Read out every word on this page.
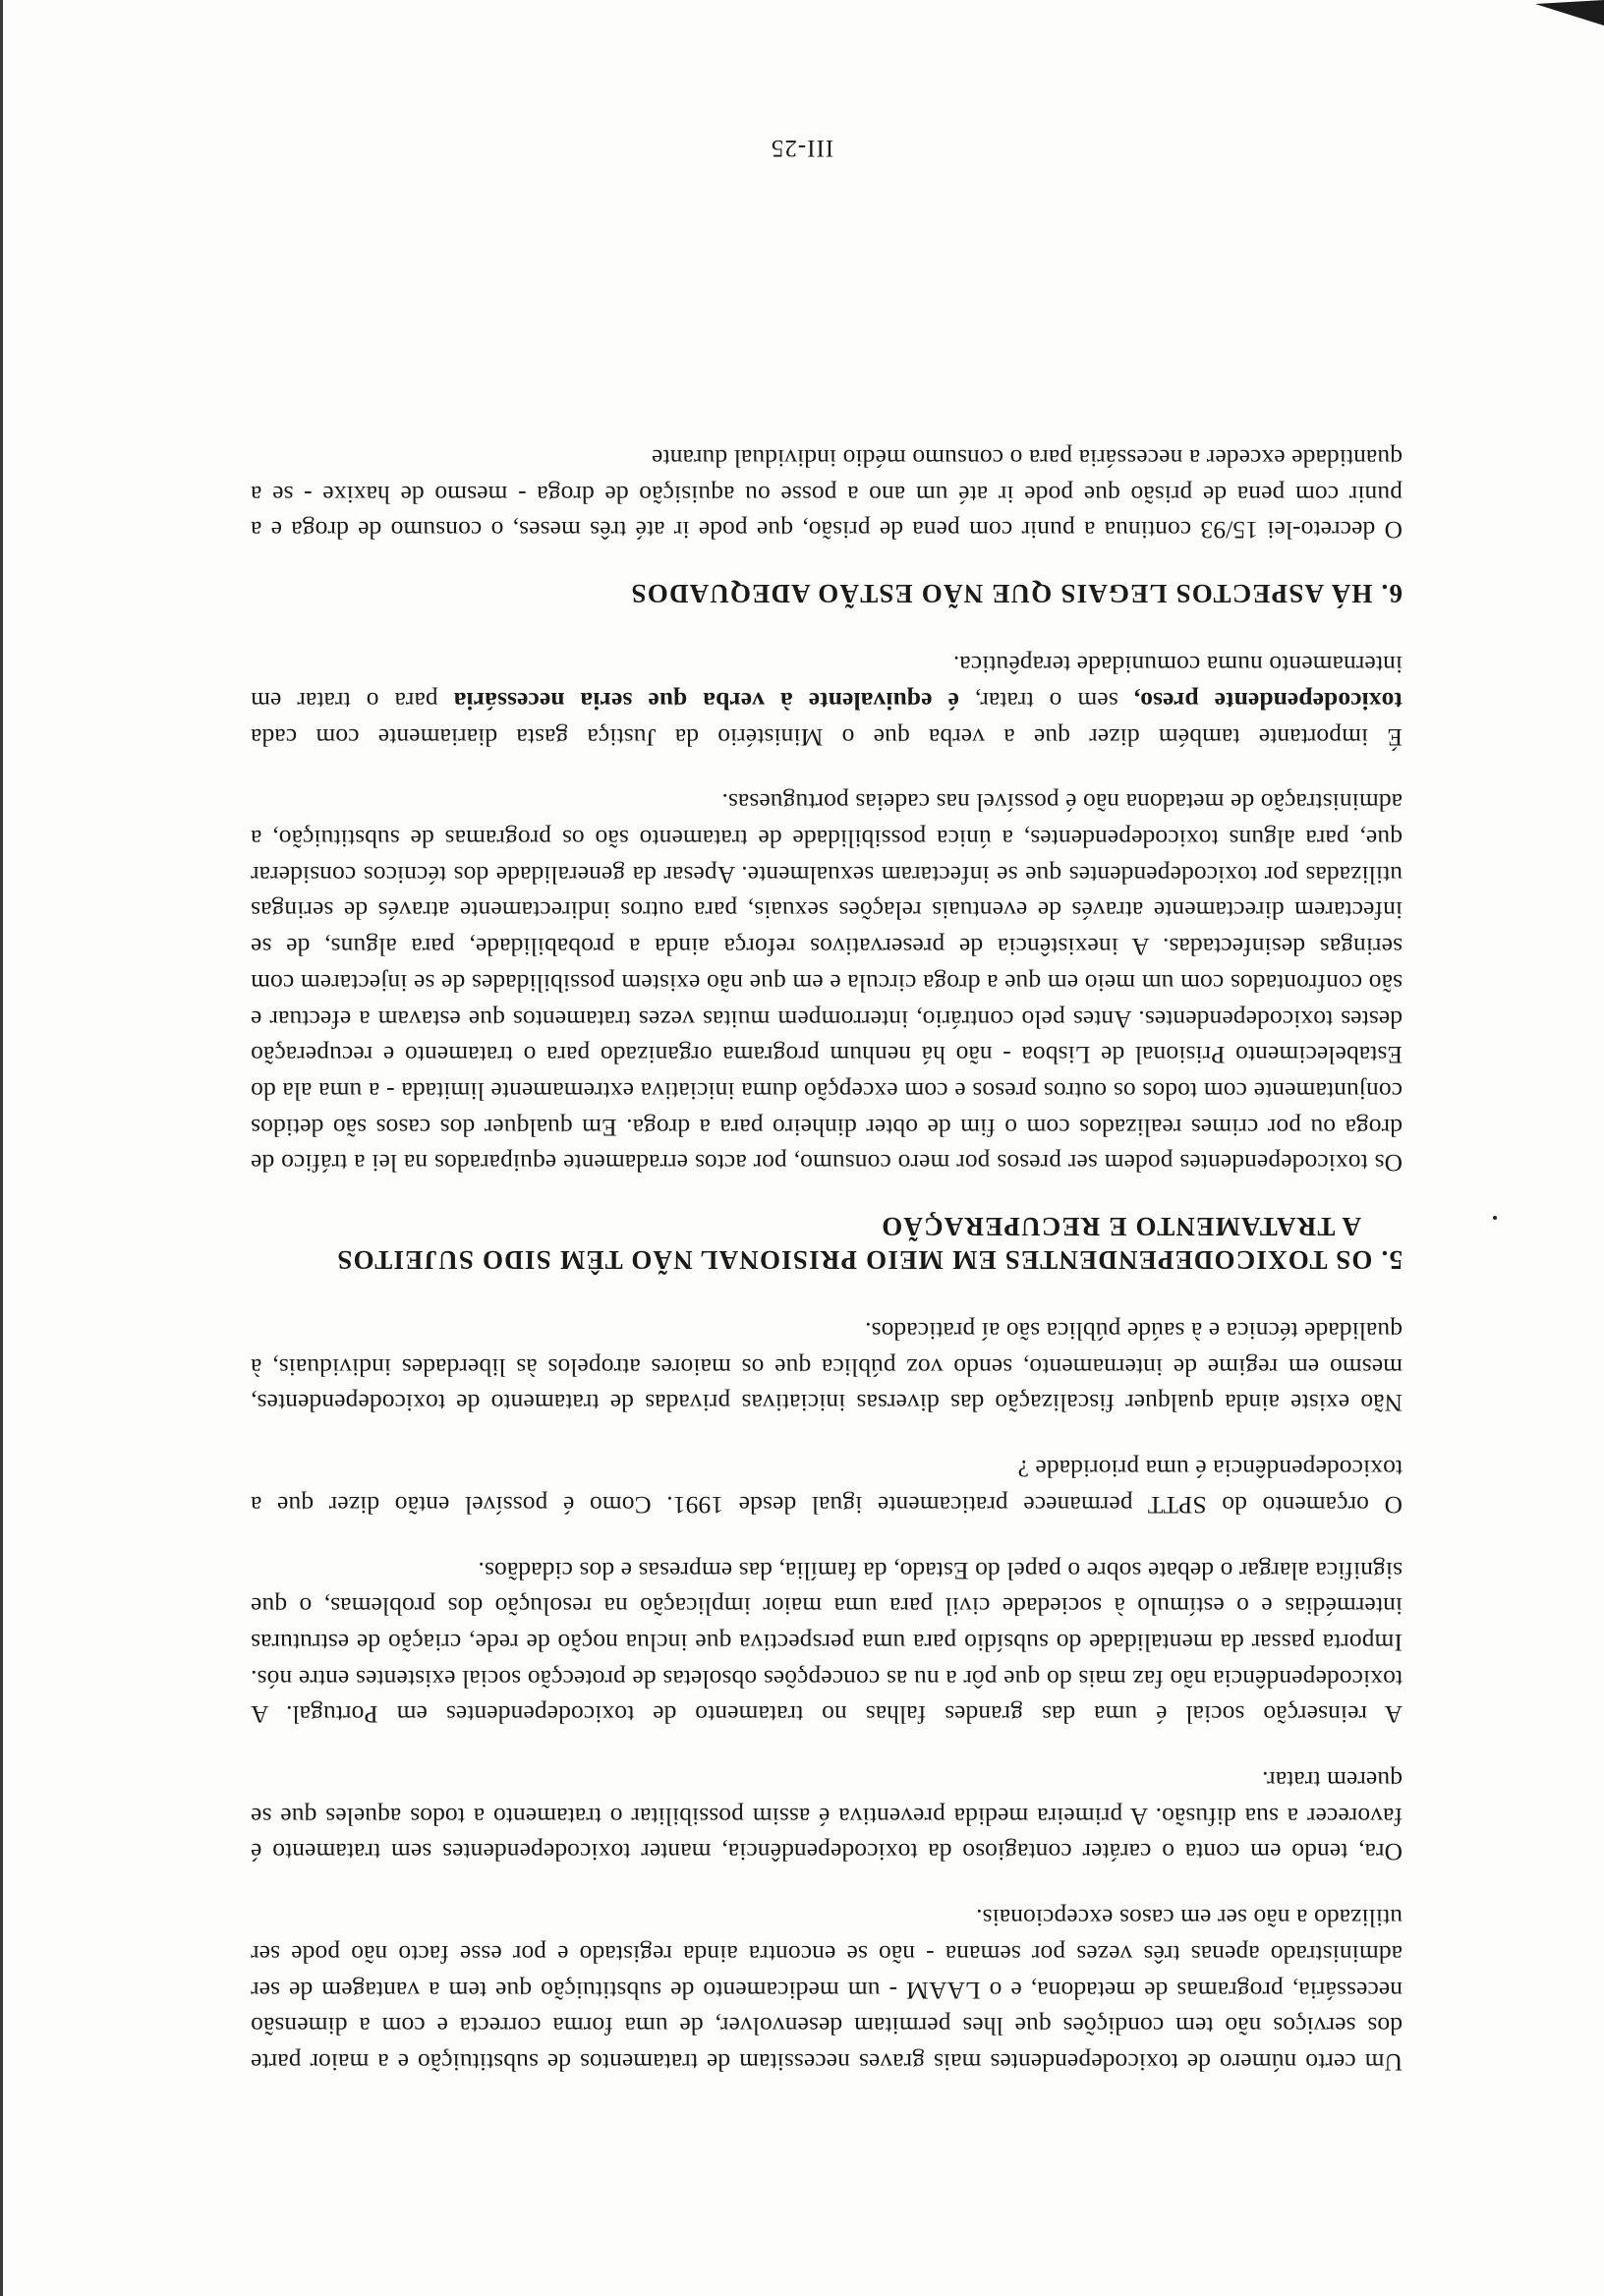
Um certo número de toxicodependentes mais graves necessitam de tratamentos de substituição e a maior parte dos serviços não tem condições que lhes permitam desenvolver, de uma forma correcta e com a dimensão necessária, programas de metadona, e o LAAM - um medicamento de substituição que tem a vantagem de ser administrado apenas três vezes por semana - não se encontra ainda registado e por esse facto não pode ser utilizado a não ser em casos excepcionais.

Ora, tendo em conta o caráter contagioso da toxicodependência, manter toxicodependentes sem tratamento é favorecer a sua difusão. A primeira medida preventiva é assim possibilitar o tratamento a todos aqueles que se querem tratar.

A reinserção social é uma das grandes falhas no tratamento de toxicodependentes em Portugal. A toxicodependência não faz mais do que pôr a nu as concepções obsoletas de protecção social existentes entre nós. Importa passar da mentalidade do subsídio para uma perspectiva que inclua noção de rede, criação de estruturas intermédias e o estímulo à sociedade civil para uma maior implicação na resolução dos problemas, o que significa alargar o debate sobre o papel do Estado, da família, das empresas e dos cidadãos.

O orçamento do SPTT permanece praticamente igual desde 1991. Como é possível então dizer que a toxicodependência é uma prioridade ?

Não existe ainda qualquer fiscalização das diversas iniciativas privadas de tratamento de toxicodependentes, mesmo em regime de internamento, sendo voz pública que os maiores atropelos às liberdades individuais, à qualidade técnica e à saúde pública são aí praticados.

5. OS TOXICODEPENDENTES EM MEIO PRISIONAL NÃO TÊM SIDO SUJEITOS
A TRATAMENTO E RECUPERAÇÃO

Os toxicodependentes podem ser presos por mero consumo, por actos erradamente equiparados na lei a tráfico de droga ou por crimes realizados com o fim de obter dinheiro para a droga. Em qualquer dos casos são detidos conjuntamente com todos os outros presos e com excepção duma iniciativa extremamente limitada - a uma ala do Estabelecimento Prisional de Lisboa - não há nenhum programa organizado para o tratamento e recuperação destes toxicodependentes. Antes pelo contrário, interrompem muitas vezes tratamentos que estavam a efectuar e são confrontados com um meio em que a droga circula e em que não existem possibilidades de se injectarem com seringas desinfectadas. A inexistência de preservativos reforça ainda a probabilidade, para alguns, de se infectarem directamente através de eventuais relações sexuais, para outros indirectamente através de seringas utilizadas por toxicodependentes que se infectaram sexualmente. Apesar da generalidade dos técnicos considerar que, para alguns toxicodependentes, a única possibilidade de tratamento são os programas de substituição, a administração de metadona não é possível nas cadeias portuguesas.

É importante também dizer que a verba que o Ministério da Justiça gasta diariamente com cada toxicodependente preso, sem o tratar, é equivalente à verba que seria necessária para o tratar em internamento numa comunidade terapêutica.

6. HÁ ASPECTOS LEGAIS QUE NÃO ESTÃO ADEQUADOS

O decreto-lei 15/93 continua a punir com pena de prisão, que pode ir até três meses, o consumo de droga e a punir com pena de prisão que pode ir até um ano a posse ou aquisição de droga - mesmo de haxixe - se a quantidade exceder a necessária para o consumo médio individual durante

III-25
